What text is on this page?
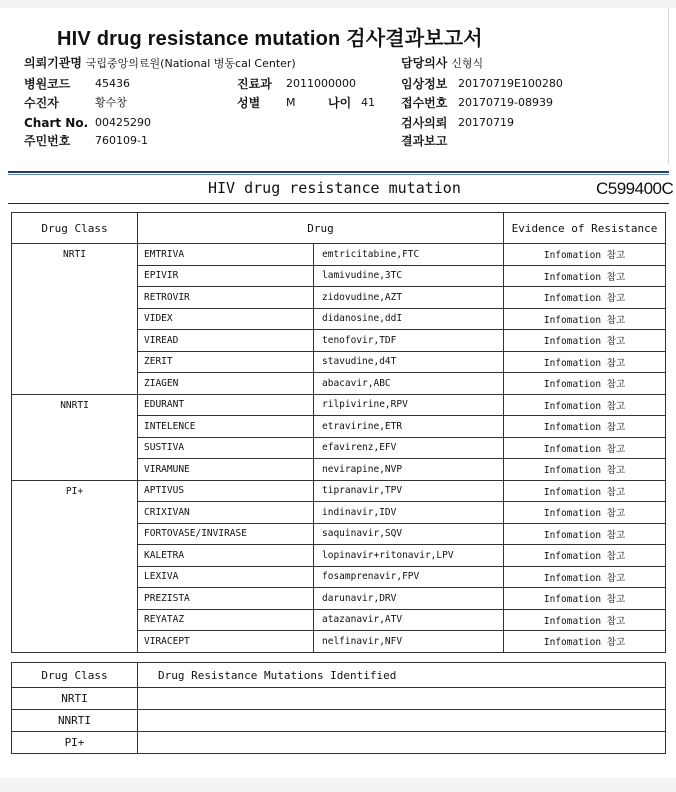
HIV drug resistance mutation 검사결과보고서
의뢰기관명 국립중앙의료원(National 병동cal Center)	담당의사 신형식
병원코드 45436	진료과 2011000000	임상정보 20170719E100280
수진자	황수창	성별 M	나이 41 접수번호 20170719-08939
Chart No. 00425290	검사의뢰 20170719
주민번호 760109-1	결과보고
HIV drug resistance mutation	C599400C
Drug Class	Drug		Evidence of Resistance
NRTI	EMTRIVA	emtricitabine,FTC	Infomation 참고
	EPIVIR	lamivudine,3TC	Infomation 참고
	RETROVIR	zidovudine,AZT	Infomation 참고
	VIDEX	didanosine,ddI	Infomation 참고
	VIREAD	tenofovir,TDF	Infomation 참고
	ZERIT	stavudine,d4T	Infomation 참고
	ZIAGEN	abacavir,ABC	Infomation 참고
NNRTI	EDURANT	rilpivirine,RPV	Infomation 참고
	INTELENCE	etravirine,ETR	Infomation 참고
	SUSTIVA	efavirenz,EFV	Infomation 참고
	VIRAMUNE	nevirapine,NVP	Infomation 참고
PI+	APTIVUS	tipranavir,TPV	Infomation 참고
	CRIXIVAN	indinavir,IDV	Infomation 참고
	FORTOVASE/INVIRASE	saquinavir,SQV	Infomation 참고
	KALETRA	lopinavir+ritonavir,LPV	Infomation 참고
	LEXIVA	fosamprenavir,FPV	Infomation 참고
	PREZISTA	darunavir,DRV	Infomation 참고
	REYATAZ	atazanavir,ATV	Infomation 참고
	VIRACEPT	nelfinavir,NFV	Infomation 참고
Drug Class	Drug Resistance Mutations Identified
NRTI	
NNRTI	
PI+	
